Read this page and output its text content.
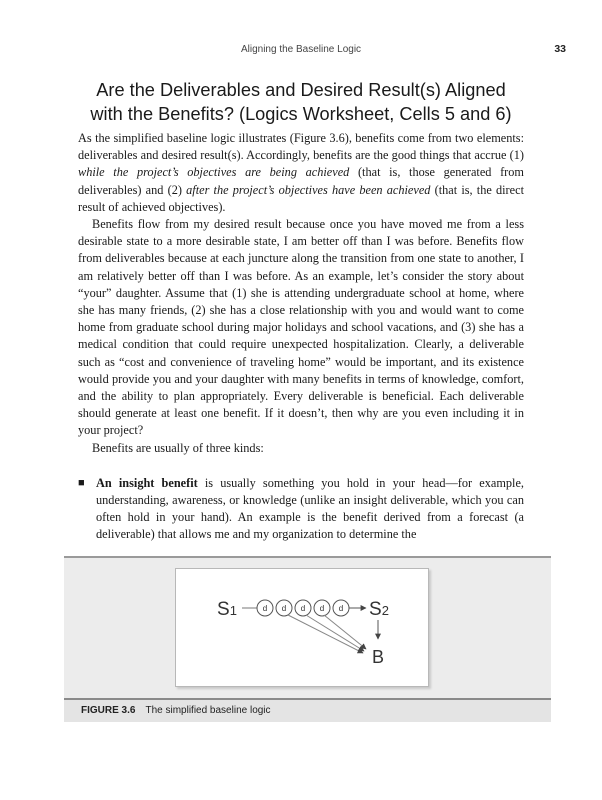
Aligning the Baseline Logic	33
Are the Deliverables and Desired Result(s) Aligned
with the Benefits? (Logics Worksheet, Cells 5 and 6)

As the simplified baseline logic illustrates (Figure 3.6), benefits come from two elements: deliverables and desired result(s). Accordingly, benefits are the good things that accrue (1) while the project’s objectives are being achieved (that is, those generated from deliverables) and (2) after the project’s objectives have been achieved (that is, the direct result of achieved objectives).

Benefits flow from my desired result because once you have moved me from a less desirable state to a more desirable state, I am better off than I was before. Benefits flow from deliverables because at each juncture along the transition from one state to another, I am relatively better off than I was before. As an example, let’s consider the story about “your” daughter. Assume that (1) she is attending undergraduate school at home, where she has many friends, (2) she has a close relationship with you and would want to come home from graduate school during major holidays and school vacations, and (3) she has a medical condition that could require unexpected hospitalization. Clearly, a deliverable such as “cost and convenience of traveling home” would be important, and its existence would provide you and your daughter with many benefits in terms of knowledge, comfort, and the ability to plan appropriately. Every deliverable is beneficial. Each deliverable should generate at least one benefit. If it doesn’t, then why are you even including it in your project?

Benefits are usually of three kinds:

■ An insight benefit is usually something you hold in your head—for example, understanding, awareness, or knowledge (unlike an insight deliverable, which you can often hold in your hand). An example is the benefit derived from a forecast (a deliverable) that allows me and my organization to determine the
S1	d d d d d S2
B
FIGURE 3.6 The simplified baseline logic
